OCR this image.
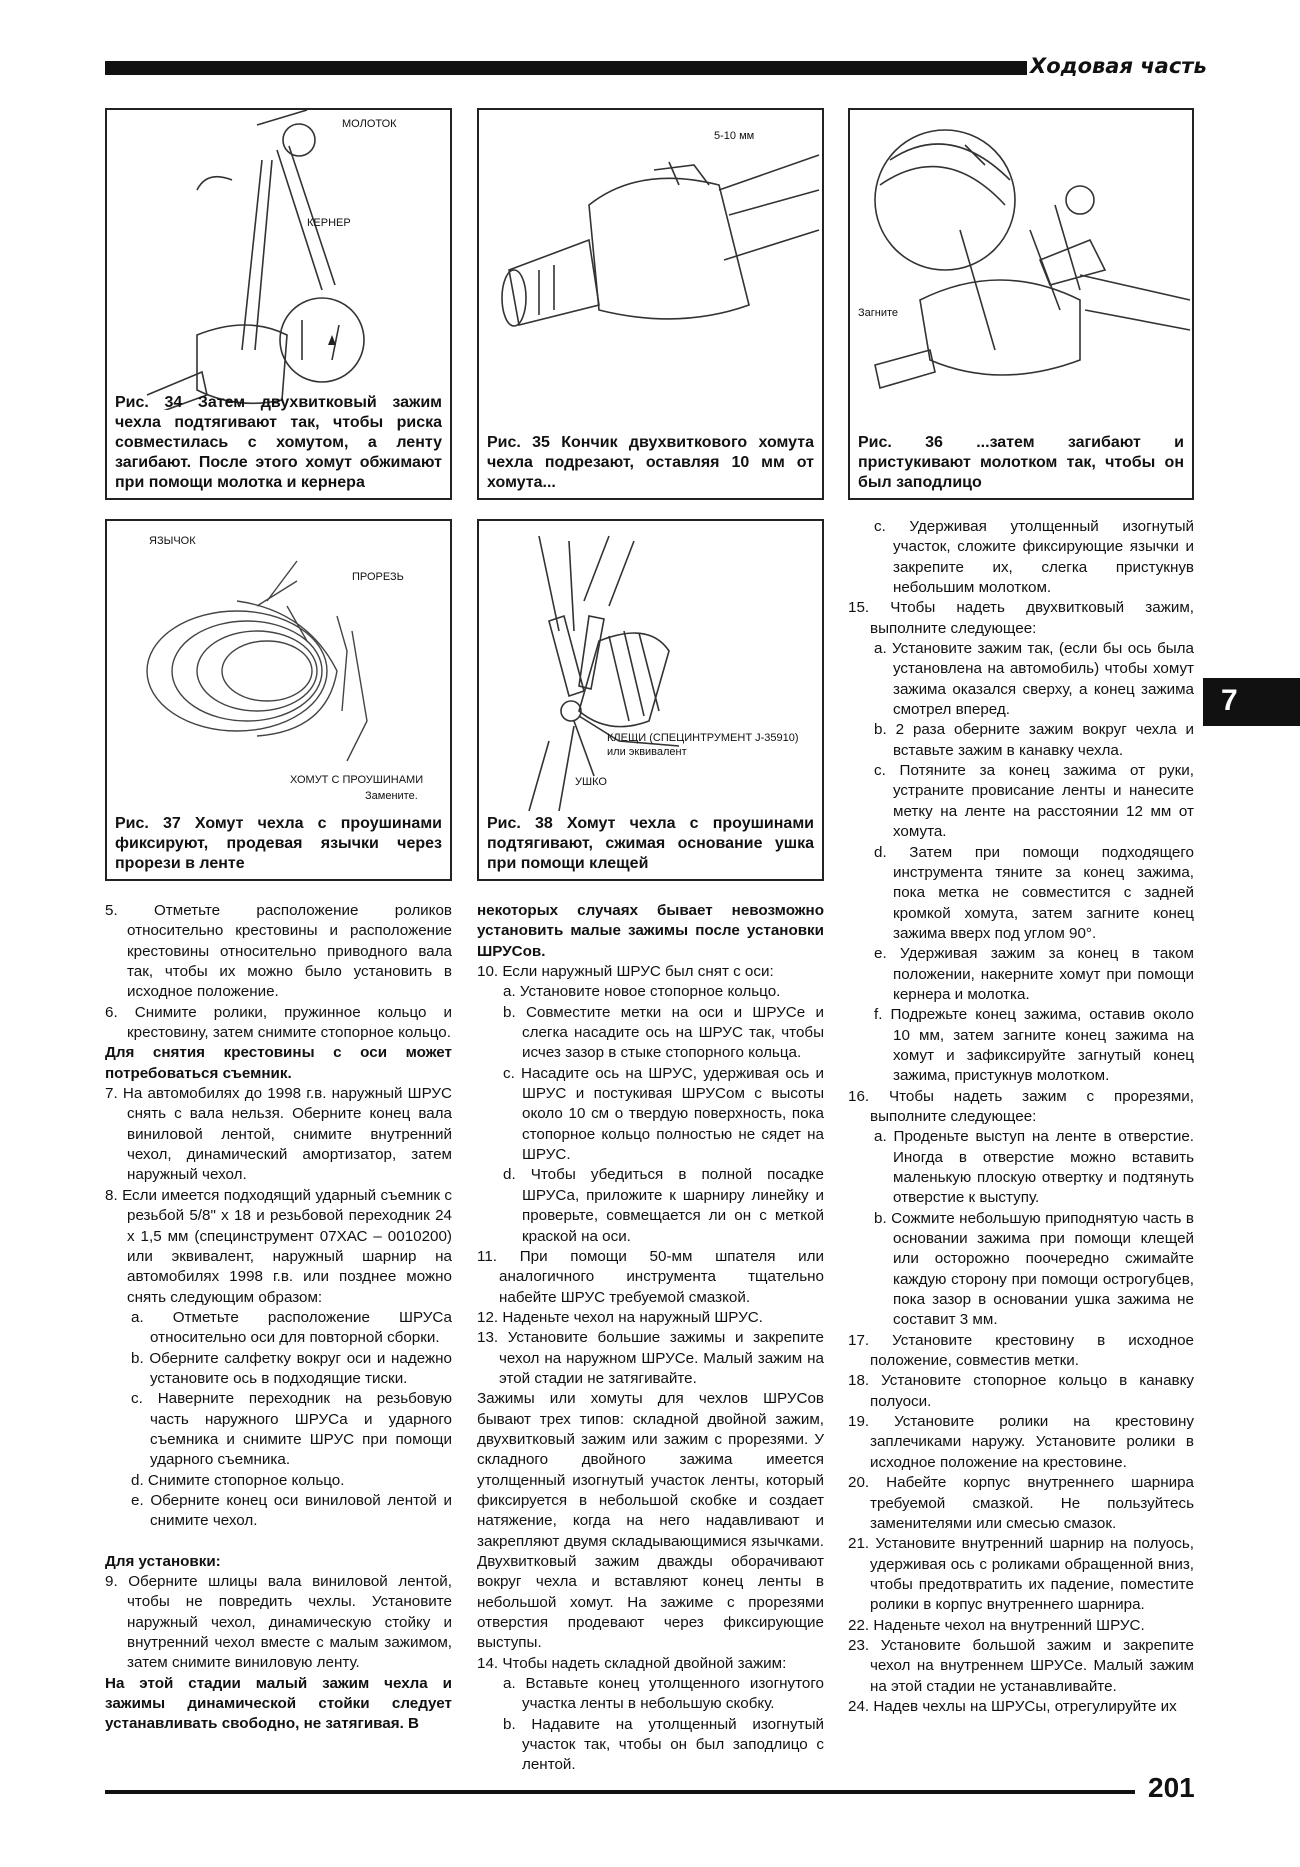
Ходовая часть
МОЛОТОК
КЕРНЕР
Рис. 34 Затем двухвитковый зажим чехла подтягивают так, чтобы риска совместилась с хомутом, а ленту загибают. После этого хомут обжимают при помощи молотка и кернера
5-10 мм
Рис. 35 Кончик двухвиткового хомута чехла подрезают, оставляя 10 мм от хомута...
Загните
Рис. 36 ...затем загибают и пристукивают молотком так, чтобы он был заподлицо
ЯЗЫЧОК
ПРОРЕЗЬ
ХОМУТ С ПРОУШИНАМИ
Замените.
Рис. 37 Хомут чехла с проушинами фиксируют, продевая язычки через прорези в ленте
КЛЕЩИ (СПЕЦИНТРУМЕНТ J-35910)
или эквивалент
УШКО
Рис. 38 Хомут чехла с проушинами подтягивают, сжимая основание ушка при помощи клещей

5. Отметьте расположение роликов относительно крестовины и расположение крестовины относительно приводного вала так, чтобы их можно было установить в исходное положение.

6. Снимите ролики, пружинное кольцо и крестовину, затем снимите стопорное кольцо.

Для снятия крестовины с оси может потребоваться съемник.

7. На автомобилях до 1998 г.в. наружный ШРУС снять с вала нельзя. Оберните конец вала виниловой лентой, снимите внутренний чехол, динамический амортизатор, затем наружный чехол.

8. Если имеется подходящий ударный съемник с резьбой 5/8" х 18 и резьбовой переходник 24 х 1,5 мм (специнструмент 07ХАС – 0010200) или эквивалент, наружный шарнир на автомобилях 1998 г.в. или позднее можно снять следующим образом:

a. Отметьте расположение ШРУСа относительно оси для повторной сборки.

b. Оберните салфетку вокруг оси и надежно установите ось в подходящие тиски.

c. Наверните переходник на резьбовую часть наружного ШРУСа и ударного съемника и снимите ШРУС при помощи ударного съемника.

d. Снимите стопорное кольцо.

e. Оберните конец оси виниловой лентой и снимите чехол.

Для установки:

9. Оберните шлицы вала виниловой лентой, чтобы не повредить чехлы. Установите наружный чехол, динамическую стойку и внутренний чехол вместе с малым зажимом, затем снимите виниловую ленту.

На этой стадии малый зажим чехла и зажимы динамической стойки следует устанавливать свободно, не затягивая. В

некоторых случаях бывает невозможно установить малые зажимы после установки ШРУСов.

10. Если наружный ШРУС был снят с оси:

a. Установите новое стопорное кольцо.

b. Совместите метки на оси и ШРУСе и слегка насадите ось на ШРУС так, чтобы исчез зазор в стыке стопорного кольца.

c. Насадите ось на ШРУС, удерживая ось и ШРУС и постукивая ШРУСом с высоты около 10 см о твердую поверхность, пока стопорное кольцо полностью не сядет на ШРУС.

d. Чтобы убедиться в полной посадке ШРУСа, приложите к шарниру линейку и проверьте, совмещается ли он с меткой краской на оси.

11. При помощи 50-мм шпателя или аналогичного инструмента тщательно набейте ШРУС требуемой смазкой.

12. Наденьте чехол на наружный ШРУС.

13. Установите большие зажимы и закрепите чехол на наружном ШРУСе. Малый зажим на этой стадии не затягивайте.

Зажимы или хомуты для чехлов ШРУСов бывают трех типов: складной двойной зажим, двухвитковый зажим или зажим с прорезями. У складного двойного зажима имеется утолщенный изогнутый участок ленты, который фиксируется в небольшой скобке и создает натяжение, когда на него надавливают и закрепляют двумя складывающимися язычками. Двухвитковый зажим дважды оборачивают вокруг чехла и вставляют конец ленты в небольшой хомут. На зажиме с прорезями отверстия продевают через фиксирующие выступы.

14. Чтобы надеть складной двойной зажим:

a. Вставьте конец утолщенного изогнутого участка ленты в небольшую скобку.

b. Надавите на утолщенный изогнутый участок так, чтобы он был заподлицо с лентой.

c. Удерживая утолщенный изогнутый участок, сложите фиксирующие язычки и закрепите их, слегка пристукнув небольшим молотком.

15. Чтобы надеть двухвитковый зажим, выполните следующее:

a. Установите зажим так, (если бы ось была установлена на автомобиль) чтобы хомут зажима оказался сверху, а конец зажима смотрел вперед.

b. 2 раза оберните зажим вокруг чехла и вставьте зажим в канавку чехла.

c. Потяните за конец зажима от руки, устраните провисание ленты и нанесите метку на ленте на расстоянии 12 мм от хомута.

d. Затем при помощи подходящего инструмента тяните за конец зажима, пока метка не совместится с задней кромкой хомута, затем загните конец зажима вверх под углом 90°.

e. Удерживая зажим за конец в таком положении, накерните хомут при помощи кернера и молотка.

f. Подрежьте конец зажима, оставив около 10 мм, затем загните конец зажима на хомут и зафиксируйте загнутый конец зажима, пристукнув молотком.

16. Чтобы надеть зажим с прорезями, выполните следующее:

a. Проденьте выступ на ленте в отверстие. Иногда в отверстие можно вставить маленькую плоскую отвертку и подтянуть отверстие к выступу.

b. Сожмите небольшую приподнятую часть в основании зажима при помощи клещей или осторожно поочередно сжимайте каждую сторону при помощи острогубцев, пока зазор в основании ушка зажима не составит 3 мм.

17. Установите крестовину в исходное положение, совместив метки.

18. Установите стопорное кольцо в канавку полуоси.

19. Установите ролики на крестовину заплечиками наружу. Установите ролики в исходное положение на крестовине.

20. Набейте корпус внутреннего шарнира требуемой смазкой. Не пользуйтесь заменителями или смесью смазок.

21. Установите внутренний шарнир на полуось, удерживая ось с роликами обращенной вниз, чтобы предотвратить их падение, поместите ролики в корпус внутреннего шарнира.

22. Наденьте чехол на внутренний ШРУС.

23. Установите большой зажим и закрепите чехол на внутреннем ШРУСе. Малый зажим на этой стадии не устанавливайте.

24. Надев чехлы на ШРУСы, отрегулируйте их

7
201
